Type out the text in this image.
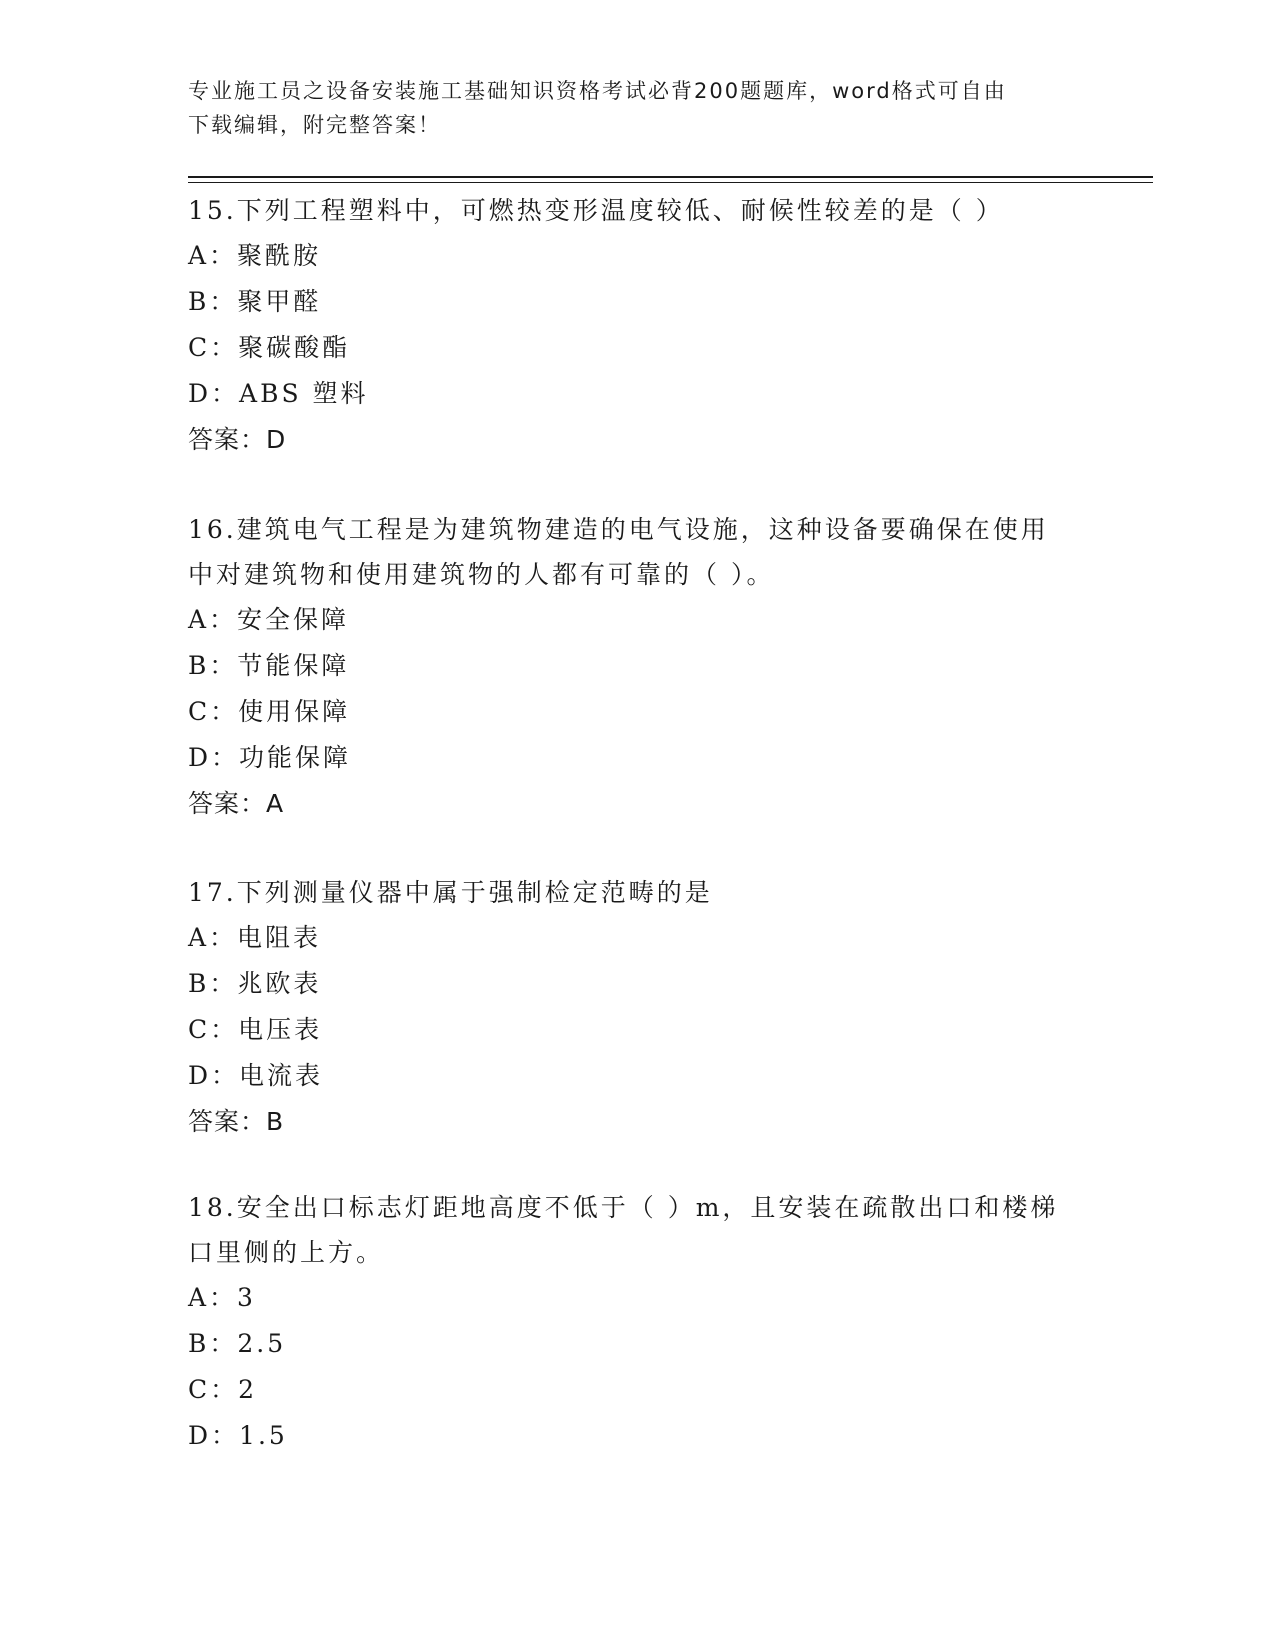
专业施工员之设备安装施工基础知识资格考试必背200题题库，word格式可自由
下载编辑，附完整答案！
15.下列工程塑料中，可燃热变形温度较低、耐候性较差的是（ ）
A：聚酰胺
B：聚甲醛
C：聚碳酸酯
D：ABS 塑料
答案：D
16.建筑电气工程是为建筑物建造的电气设施，这种设备要确保在使用
中对建筑物和使用建筑物的人都有可靠的（ ）。
A：安全保障
B：节能保障
C：使用保障
D：功能保障
答案：A
17.下列测量仪器中属于强制检定范畴的是
A：电阻表
B：兆欧表
C：电压表
D：电流表
答案：B
18.安全出口标志灯距地高度不低于（ ）m，且安装在疏散出口和楼梯
口里侧的上方。
A：3
B：2.5
C：2
D：1.5
